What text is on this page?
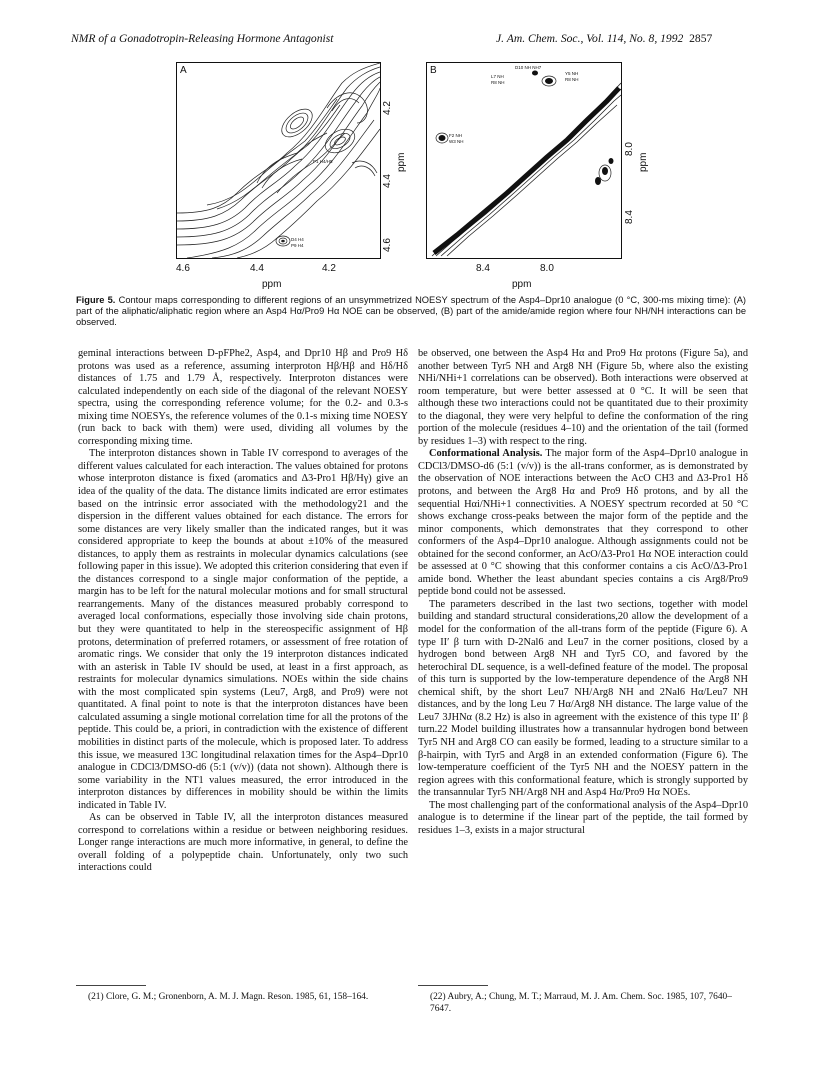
NMR of a Gonadotropin-Releasing Hormone Antagonist	J. Am. Chem. Soc., Vol. 114, No. 8, 1992 2857
A
P1 H4/H5
D4 H4
P9 H4
4.6	4.4	4.2
ppm
4.2
4.4
4.6
ppm
B	D10 NH NH7
L7 NH
R8 NH
Y5 NH
R8 NH
F2 NH
W3 NH
8.4	8.0
ppm
8.0
8.4
ppm
Figure 5. Contour maps corresponding to different regions of an unsymmetrized NOESY spectrum of the Asp4–Dpr10 analogue (0 °C, 300-ms mixing time): (A) part of the aliphatic/aliphatic region where an Asp4 Hα/Pro9 Hα NOE can be observed, (B) part of the amide/amide region where four NH/NH interactions can be observed.

geminal interactions between D-pFPhe2, Asp4, and Dpr10 Hβ and Pro9 Hδ protons was used as a reference, assuming interproton Hβ/Hβ and Hδ/Hδ distances of 1.75 and 1.79 Å, respectively. Interproton distances were calculated independently on each side of the diagonal of the relevant NOESY spectra, using the corresponding reference volume; for the 0.2- and 0.3-s mixing time NOESYs, the reference volumes of the 0.1-s mixing time NOESY (run back to back with them) were used, dividing all volumes by the corresponding mixing time.

The interproton distances shown in Table IV correspond to averages of the different values calculated for each interaction. The values obtained for protons whose interproton distance is fixed (aromatics and Δ3-Pro1 Hβ/Hγ) give an idea of the quality of the data. The distance limits indicated are error estimates based on the intrinsic error associated with the methodology21 and the dispersion in the different values obtained for each distance. The errors for some distances are very likely smaller than the indicated ranges, but it was considered appropriate to keep the bounds at about ±10% of the measured distances, to apply them as restraints in molecular dynamics calculations (see following paper in this issue). We adopted this criterion considering that even if the distances correspond to a single major conformation of the peptide, a margin has to be left for the natural molecular motions and for small structural rearrangements. Many of the distances measured probably correspond to averaged local conformations, especially those involving side chain protons, but they were quantitated to help in the stereospecific assignment of Hβ protons, determination of preferred rotamers, or assessment of free rotation of aromatic rings. We consider that only the 19 interproton distances indicated with an asterisk in Table IV should be used, at least in a first approach, as restraints for molecular dynamics simulations. NOEs within the side chains with the most complicated spin systems (Leu7, Arg8, and Pro9) were not quantitated. A final point to note is that the interproton distances have been calculated assuming a single motional correlation time for all the protons of the peptide. This could be, a priori, in contradiction with the existence of different mobilities in distinct parts of the molecule, which is proposed later. To address this issue, we measured 13C longitudinal relaxation times for the Asp4–Dpr10 analogue in CDCl3/DMSO-d6 (5:1 (v/v)) (data not shown). Although there is some variability in the NT1 values measured, the error introduced in the interproton distances by differences in mobility should be within the limits indicated in Table IV.

As can be observed in Table IV, all the interproton distances measured correspond to correlations within a residue or between neighboring residues. Longer range interactions are much more informative, in general, to define the overall folding of a polypeptide chain. Unfortunately, only two such interactions could

be observed, one between the Asp4 Hα and Pro9 Hα protons (Figure 5a), and another between Tyr5 NH and Arg8 NH (Figure 5b, where also the existing NHi/NHi+1 correlations can be observed). Both interactions were observed at room temperature, but were better assessed at 0 °C. It will be seen that although these two interactions could not be quantitated due to their proximity to the diagonal, they were very helpful to define the conformation of the ring portion of the molecule (residues 4–10) and the orientation of the tail (formed by residues 1–3) with respect to the ring.

Conformational Analysis. The major form of the Asp4–Dpr10 analogue in CDCl3/DMSO-d6 (5:1 (v/v)) is the all-trans conformer, as is demonstrated by the observation of NOE interactions between the AcO CH3 and Δ3-Pro1 Hδ protons, and between the Arg8 Hα and Pro9 Hδ protons, and by all the sequential Hαi/NHi+1 connectivities. A NOESY spectrum recorded at 50 °C shows exchange cross-peaks between the major form of the peptide and the minor components, which demonstrates that they correspond to other conformers of the Asp4–Dpr10 analogue. Although assignments could not be obtained for the second conformer, an AcO/Δ3-Pro1 Hα NOE interaction could be assessed at 0 °C showing that this conformer contains a cis AcO/Δ3-Pro1 amide bond. Whether the least abundant species contains a cis Arg8/Pro9 peptide bond could not be assessed.

The parameters described in the last two sections, together with model building and standard structural considerations,20 allow the development of a model for the conformation of the all-trans form of the peptide (Figure 6). A type II′ β turn with D-2Nal6 and Leu7 in the corner positions, closed by a hydrogen bond between Arg8 NH and Tyr5 CO, and favored by the heterochiral DL sequence, is a well-defined feature of the model. The proposal of this turn is supported by the low-temperature dependence of the Arg8 NH chemical shift, by the short Leu7 NH/Arg8 NH and 2Nal6 Hα/Leu7 NH distances, and by the long Leu 7 Hα/Arg8 NH distance. The large value of the Leu7 3JHNα (8.2 Hz) is also in agreement with the existence of this type II′ β turn.22 Model building illustrates how a transannular hydrogen bond between Tyr5 NH and Arg8 CO can easily be formed, leading to a structure similar to a β-hairpin, with Tyr5 and Arg8 in an extended conformation (Figure 6). The low-temperature coefficient of the Tyr5 NH and the NOESY pattern in the region agrees with this conformational feature, which is strongly supported by the transannular Tyr5 NH/Arg8 NH and Asp4 Hα/Pro9 Hα NOEs.

The most challenging part of the conformational analysis of the Asp4–Dpr10 analogue is to determine if the linear part of the peptide, the tail formed by residues 1–3, exists in a major structural

(21) Clore, G. M.; Gronenborn, A. M. J. Magn. Reson. 1985, 61, 158–164.	(22) Aubry, A.; Chung, M. T.; Marraud, M. J. Am. Chem. Soc. 1985, 107, 7640–7647.
